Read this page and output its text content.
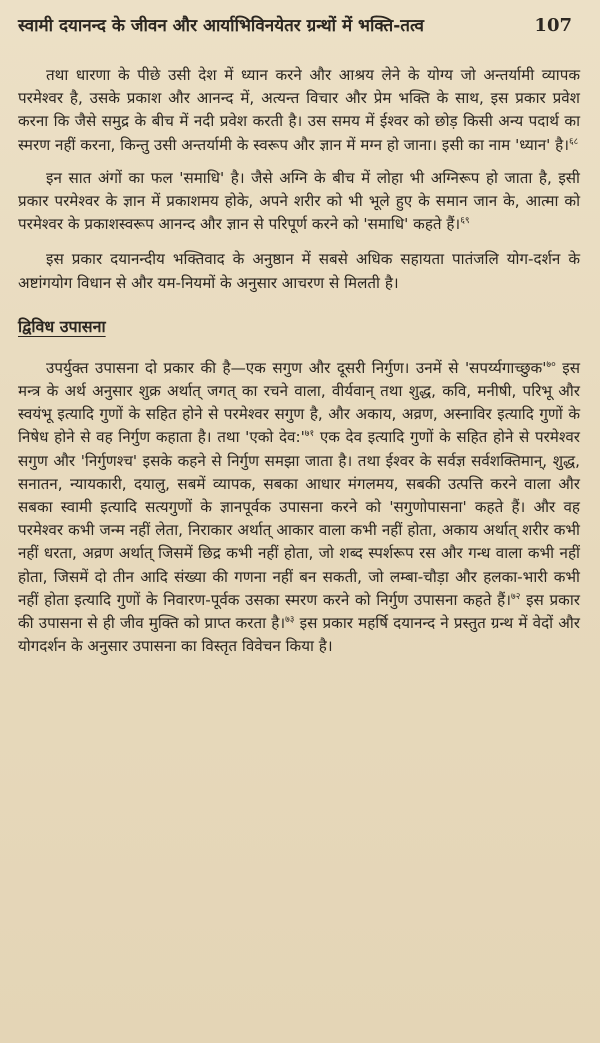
स्वामी दयानन्द के जीवन और आर्याभिविनयेतर ग्रन्थों में भक्ति-तत्व	107

तथा धारणा के पीछे उसी देश में ध्यान करने और आश्रय लेने के योग्य जो अन्तर्यामी व्यापक परमेश्वर है, उसके प्रकाश और आनन्द में, अत्यन्त विचार और प्रेम भक्ति के साथ, इस प्रकार प्रवेश करना कि जैसे समुद्र के बीच में नदी प्रवेश करती है। उस समय में ईश्वर को छोड़ किसी अन्य पदार्थ का स्मरण नहीं करना, किन्तु उसी अन्तर्यामी के स्वरूप और ज्ञान में मग्न हो जाना। इसी का नाम 'ध्यान' है।$^{६८}$

इन सात अंगों का फल 'समाधि' है। जैसे अग्नि के बीच में लोहा भी अग्निरूप हो जाता है, इसी प्रकार परमेश्वर के ज्ञान में प्रकाशमय होके, अपने शरीर को भी भूले हुए के समान जान के, आत्मा को परमेश्वर के प्रकाशस्वरूप आनन्द और ज्ञान से परिपूर्ण करने को 'समाधि' कहते हैं।$^{६९}$

इस प्रकार दयानन्दीय भक्तिवाद के अनुष्ठान में सबसे अधिक सहायता पातंजलि योग-दर्शन के अष्टांगयोग विधान से और यम-नियमों के अनुसार आचरण से मिलती है।

द्विविध उपासना

उपर्युक्त उपासना दो प्रकार की है—एक सगुण और दूसरी निर्गुण। उनमें से '$सपर्य्यगाच्छुक'^{७०}$ इस मन्त्र के अर्थ अनुसार शुक्र अर्थात् जगत् का रचने वाला, वीर्यवान् तथा शुद्ध, कवि, मनीषी, परिभू और स्वयंभू इत्यादि गुणों के सहित होने से परमेश्वर सगुण है, और अकाय, अव्रण, अस्नाविर इत्यादि गुणों के निषेध होने से वह निर्गुण कहाता है। तथा 'एको $देव:'^{७१}$ एक देव इत्यादि गुणों के सहित होने से परमेश्वर सगुण और 'निर्गुणश्च' इसके कहने से निर्गुण समझा जाता है। तथा ईश्वर के सर्वज्ञ सर्वशक्तिमान्, शुद्ध, सनातन, न्यायकारी, दयालु, सबमें व्यापक, सबका आधार मंगलमय, सबकी उत्पत्ति करने वाला और सबका स्वामी इत्यादि सत्यगुणों के ज्ञानपूर्वक उपासना करने को 'सगुणोपासना' कहते हैं। और वह परमेश्वर कभी जन्म नहीं लेता, निराकार अर्थात् आकार वाला कभी नहीं होता, अकाय अर्थात् शरीर कभी नहीं धरता, अव्रण अर्थात् जिसमें छिद्र कभी नहीं होता, जो शब्द स्पर्शरूप रस और गन्ध वाला कभी नहीं होता, जिसमें दो तीन आदि संख्या की गणना नहीं बन सकती, जो लम्बा-चौड़ा और हलका-भारी कभी नहीं होता इत्यादि गुणों के निवारण-पूर्वक उसका स्मरण करने को निर्गुण उपासना कहते हैं।$^{७२}$ इस प्रकार की उपासना से ही जीव मुक्ति को प्राप्त करता है।$^{७३}$ इस प्रकार महर्षि दयानन्द ने प्रस्तुत ग्रन्थ में वेदों और योगदर्शन के अनुसार उपासना का विस्तृत विवेचन किया है।
